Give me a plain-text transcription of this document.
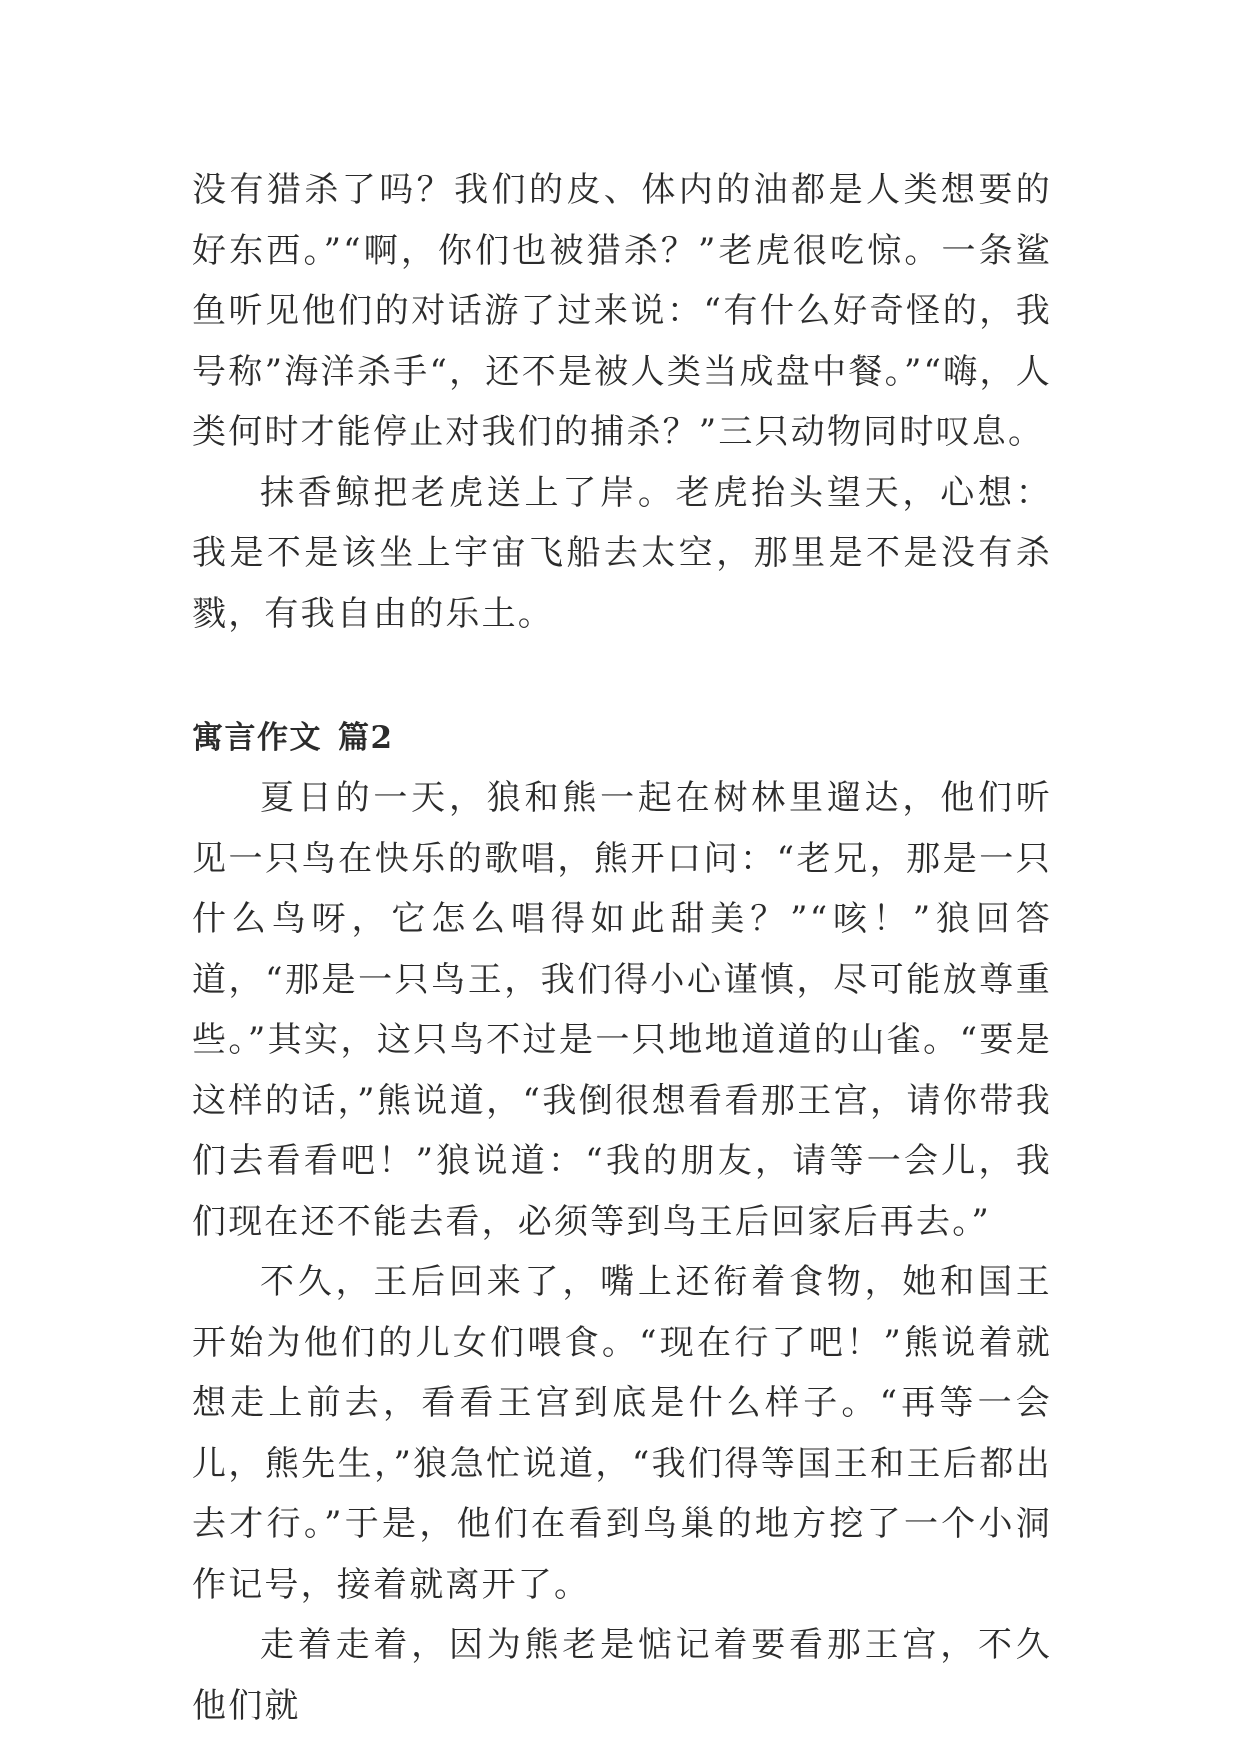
没有猎杀了吗？我们的皮、体内的油都是人类想要的好东西。”“啊，你们也被猎杀？”老虎很吃惊。一条鲨鱼听见他们的对话游了过来说：“有什么好奇怪的，我号称”海洋杀手“，还不是被人类当成盘中餐。”“嗨，人类何时才能停止对我们的捕杀？”三只动物同时叹息。

抹香鲸把老虎送上了岸。老虎抬头望天，心想：我是不是该坐上宇宙飞船去太空，那里是不是没有杀戮，有我自由的乐土。

寓言作文 篇2

夏日的一天，狼和熊一起在树林里遛达，他们听见一只鸟在快乐的歌唱，熊开口问：“老兄，那是一只什么鸟呀，它怎么唱得如此甜美？”“咳！”狼回答道，“那是一只鸟王，我们得小心谨慎，尽可能放尊重些。”其实，这只鸟不过是一只地地道道的山雀。“要是这样的话，”熊说道，“我倒很想看看那王宫，请你带我们去看看吧！”狼说道：“我的朋友，请等一会儿，我们现在还不能去看，必须等到鸟王后回家后再去。”

不久，王后回来了，嘴上还衔着食物，她和国王开始为他们的儿女们喂食。“现在行了吧！”熊说着就想走上前去，看看王宫到底是什么样子。“再等一会儿，熊先生，”狼急忙说道，“我们得等国王和王后都出去才行。”于是，他们在看到鸟巢的地方挖了一个小洞作记号，接着就离开了。

走着走着，因为熊老是惦记着要看那王宫，不久他们就
